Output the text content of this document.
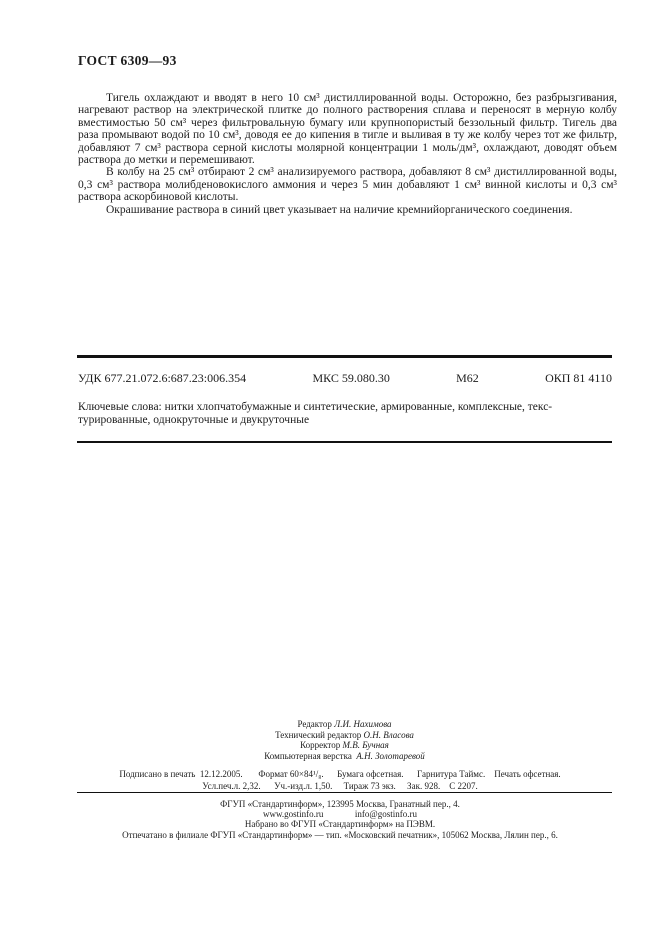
ГОСТ 6309—93

Тигель охлаждают и вводят в него 10 см³ дистиллированной воды. Осторожно, без разбрызгивания, нагревают раствор на электрической плитке до полного растворения сплава и переносят в мерную колбу вместимостью 50 см³ через фильтровальную бумагу или крупнопористый беззольный фильтр. Тигель два раза промывают водой по 10 см³, доводя ее до кипения в тигле и выливая в ту же колбу через тот же фильтр, добавляют 7 см³ раствора серной кислоты молярной концентрации 1 моль/дм³, охлаждают, доводят объем раствора до метки и перемешивают.

В колбу на 25 см³ отбирают 2 см³ анализируемого раствора, добавляют 8 см³ дистиллированной воды, 0,3 см³ раствора молибденовокислого аммония и через 5 мин добавляют 1 см³ винной кислоты и 0,3 см³ раствора аскорбиновой кислоты.

Окрашивание раствора в синий цвет указывает на наличие кремнийорганического соединения.

УДК 677.21.072.6:687.23:006.354	МКС 59.080.30	М62	ОКП 81 4110
Ключевые слова: нитки хлопчатобумажные и синтетические, армированные, комплексные, текс-
турированные, однокруточные и двукруточные
Редактор Л.И. Нахимова
Технический редактор О.Н. Власова
Корректор М.В. Бучная
Компьютерная верстка А.Н. Золотаревой
Подписано в печать  12.12.2005.       Формат 60×84¹/₈.      Бумага офсетная.      Гарнитура Таймс.    Печать офсетная.
Усл.печ.л. 2,32.      Уч.-изд.л. 1,50.     Тираж 73 экз.     Зак. 928.    С 2207.
ФГУП «Стандартинформ», 123995 Москва, Гранатный пер., 4.
www.gostinfo.ru              info@gostinfo.ru
Набрано во ФГУП «Стандартинформ» на ПЭВМ.
Отпечатано в филиале ФГУП «Стандартинформ» — тип. «Московский печатник», 105062 Москва, Лялин пер., 6.
